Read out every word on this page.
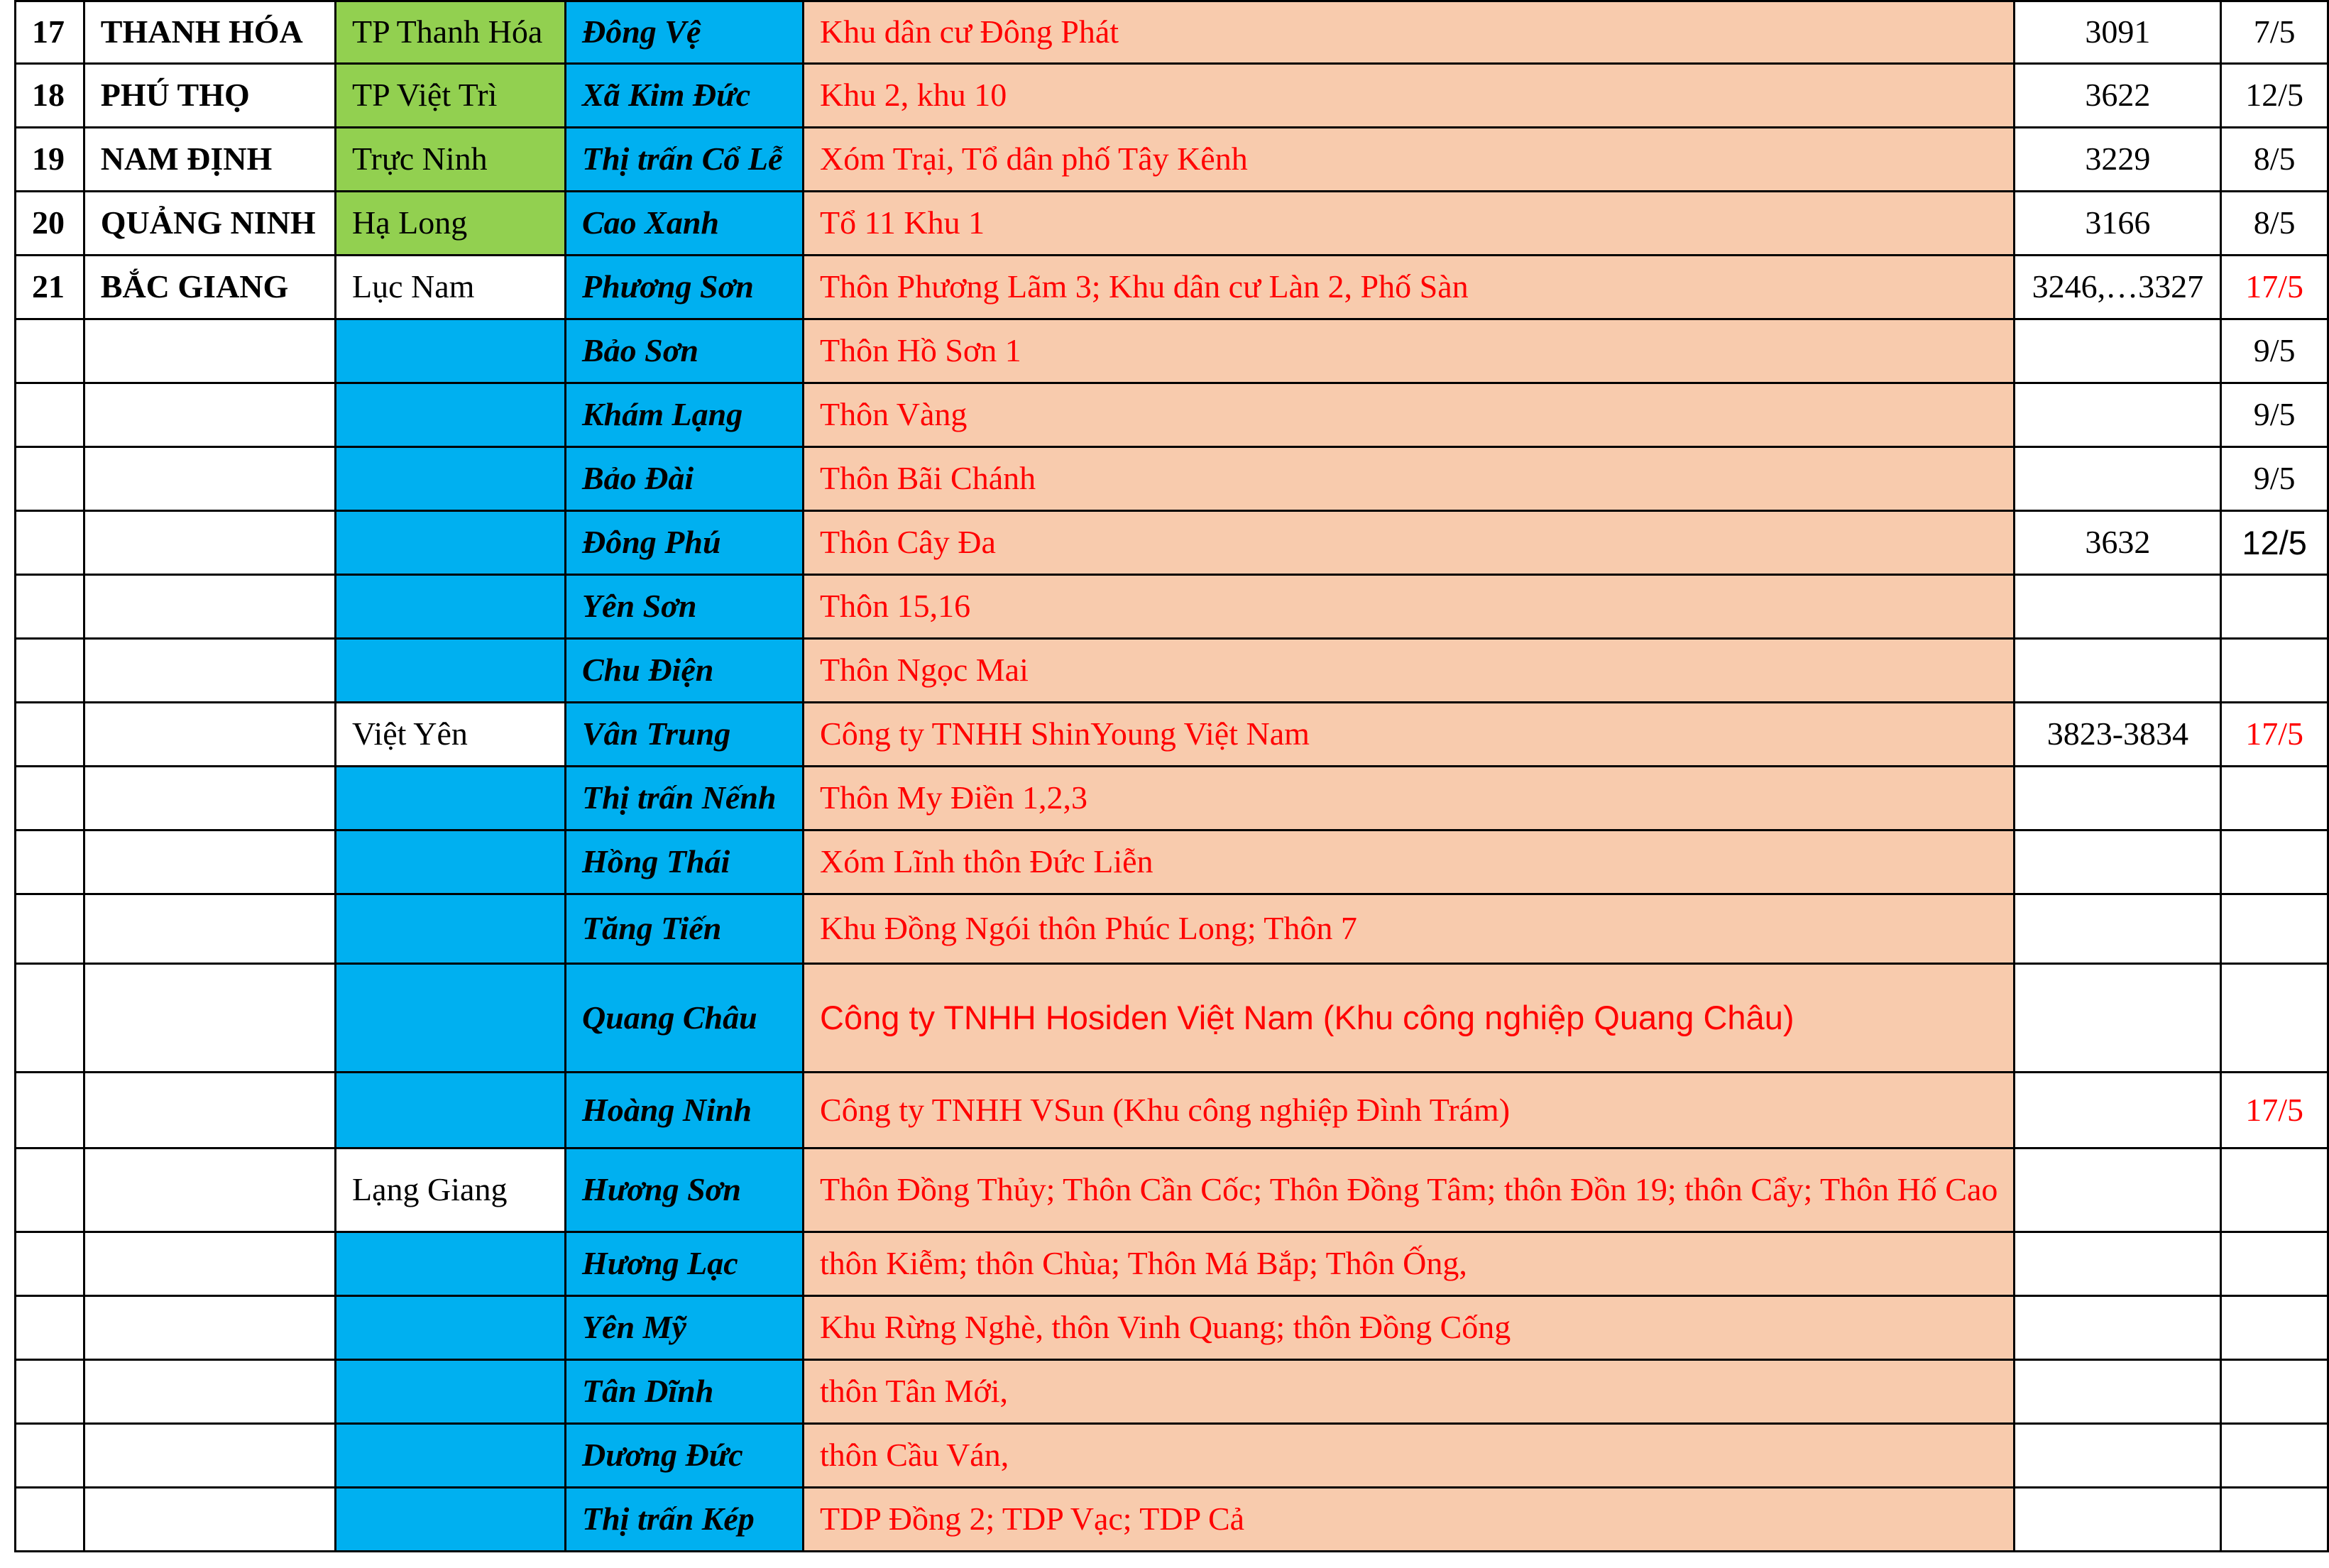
17	THANH HÓA	TP Thanh Hóa	Đông Vệ	Khu dân cư Đông Phát	3091	7/5
18	PHÚ THỌ	TP Việt Trì	Xã Kim Đức	Khu 2, khu 10	3622	12/5
19	NAM ĐỊNH	Trực Ninh	Thị trấn Cổ Lễ	Xóm Trại, Tổ dân phố Tây Kênh	3229	8/5
20	QUẢNG NINH	Hạ Long	Cao Xanh	Tổ 11 Khu 1	3166	8/5
21	BẮC GIANG	Lục Nam	Phương Sơn	Thôn Phương Lãm 3; Khu dân cư Làn 2, Phố Sàn	3246,…3327	17/5
			Bảo Sơn	Thôn Hồ Sơn 1		9/5
			Khám Lạng	Thôn Vàng		9/5
			Bảo Đài	Thôn Bãi Chánh		9/5
			Đông Phú	Thôn Cây Đa	3632	12/5
			Yên Sơn	Thôn 15,16		
			Chu Điện	Thôn Ngọc Mai		
		Việt Yên	Vân Trung	Công ty TNHH ShinYoung Việt Nam	3823-3834	17/5
			Thị trấn Nếnh	Thôn My Điền 1,2,3		
			Hồng Thái	Xóm Lĩnh thôn Đức Liễn		
			Tăng Tiến	Khu Đồng Ngói thôn Phúc Long; Thôn 7		
			Quang Châu	Công ty TNHH Hosiden Việt Nam (Khu công nghiệp Quang Châu)		
			Hoàng Ninh	Công ty TNHH VSun (Khu công nghiệp Đình Trám)		17/5
		Lạng Giang	Hương Sơn	Thôn Đồng Thủy; Thôn Cần Cốc; Thôn Đồng Tâm; thôn Đồn 19; thôn Cẩy; Thôn Hố Cao		
			Hương Lạc	thôn Kiễm; thôn Chùa; Thôn Má Bắp; Thôn Ống,		
			Yên Mỹ	Khu Rừng Nghè, thôn Vinh Quang; thôn Đồng Cống		
			Tân Dĩnh	thôn Tân Mới,		
			Dương Đức	thôn Cầu Ván,		
			Thị trấn Kép	TDP Đồng 2; TDP Vạc; TDP Cả		
